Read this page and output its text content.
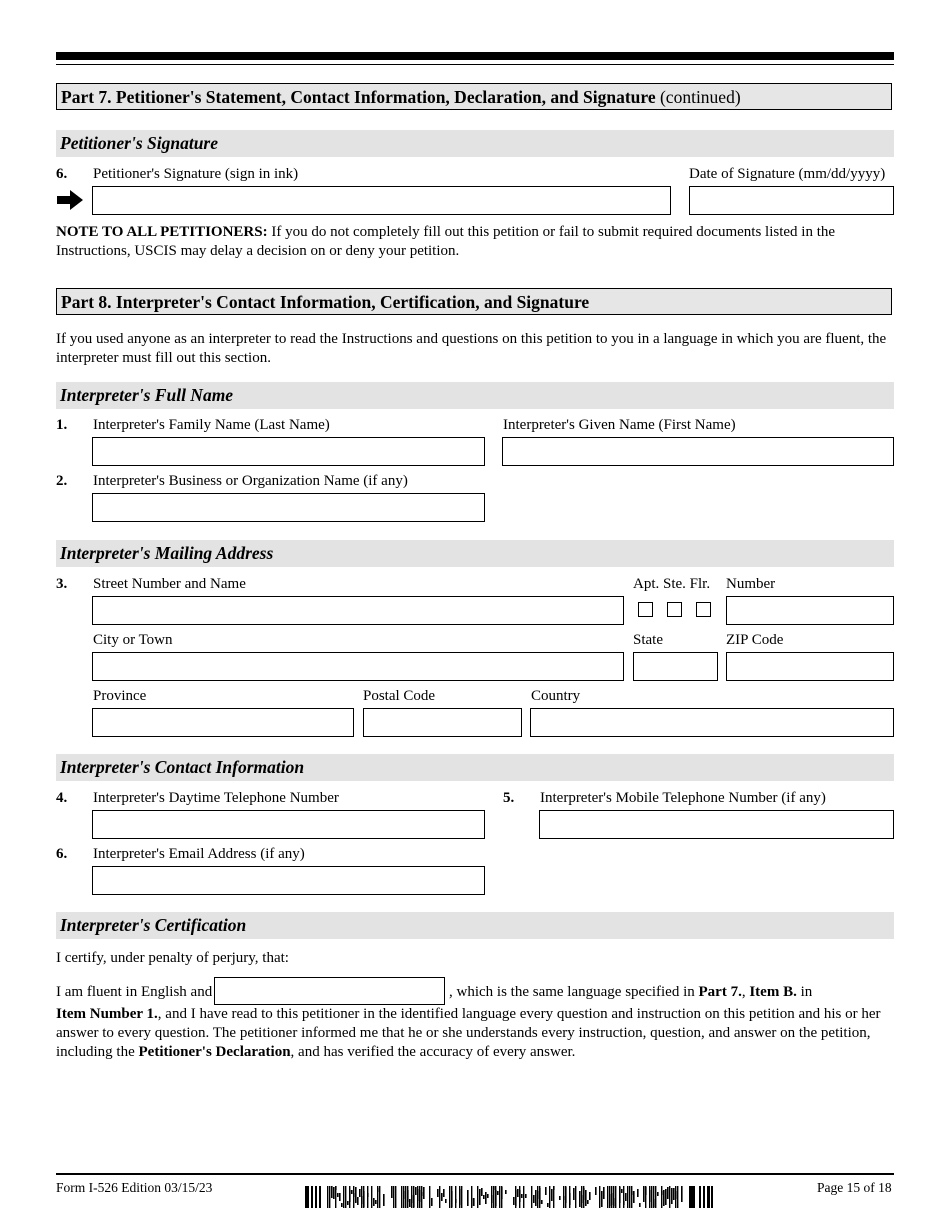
Part 7. Petitioner's Statement, Contact Information, Declaration, and Signature (continued)
Petitioner's Signature
6. Petitioner's Signature (sign in ink)	Date of Signature (mm/dd/yyyy)
NOTE TO ALL PETITIONERS: If you do not completely fill out this petition or fail to submit required documents listed in the Instructions, USCIS may delay a decision on or deny your petition.
Part 8. Interpreter's Contact Information, Certification, and Signature
If you used anyone as an interpreter to read the Instructions and questions on this petition to you in a language in which you are fluent, the interpreter must fill out this section.
Interpreter's Full Name
1. Interpreter's Family Name (Last Name)	Interpreter's Given Name (First Name)
2. Interpreter's Business or Organization Name (if any)
Interpreter's Mailing Address
3. Street Number and Name	Apt. Ste. Flr. Number
City or Town	State	ZIP Code
Province	Postal Code	Country
Interpreter's Contact Information
4. Interpreter's Daytime Telephone Number	5. Interpreter's Mobile Telephone Number (if any)
6. Interpreter's Email Address (if any)
Interpreter's Certification
I certify, under penalty of perjury, that:
I am fluent in English and	, which is the same language specified in Part 7., Item B. in
Item Number 1., and I have read to this petitioner in the identified language every question and instruction on this petition and his or her answer to every question. The petitioner informed me that he or she understands every instruction, question, and answer on the petition, including the Petitioner's Declaration, and has verified the accuracy of every answer.
Form I-526 Edition 03/15/23	Page 15 of 18
